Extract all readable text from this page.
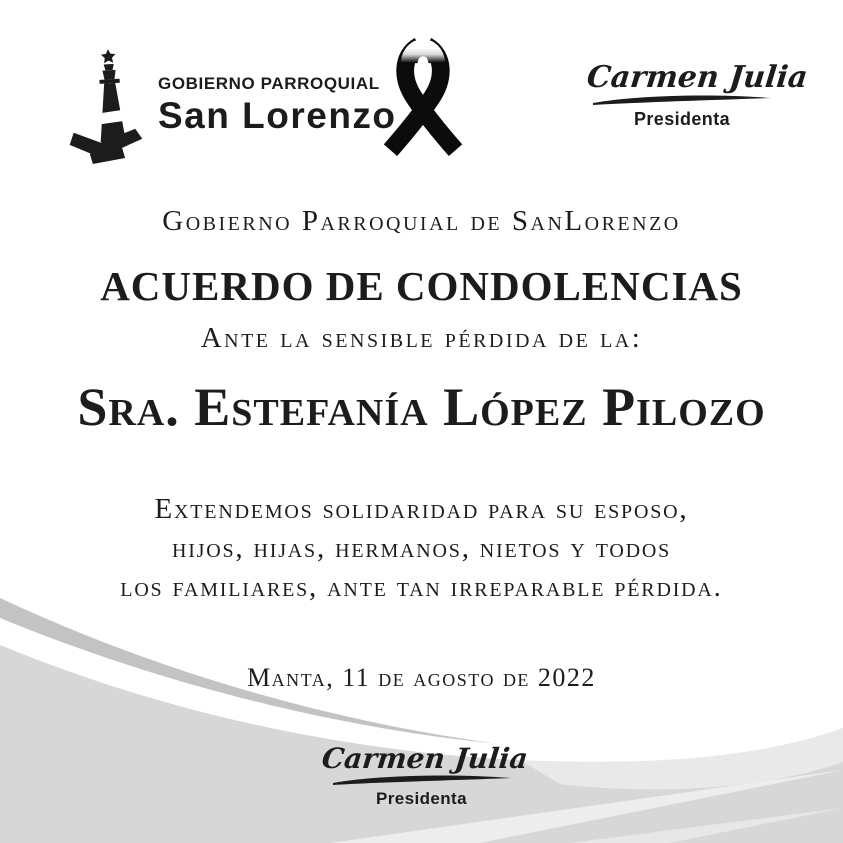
GOBIERNO PARROQUIAL
San Lorenzo
Carmen Julia
Presidenta
Gobierno Parroquial de SanLorenzo
ACUERDO DE CONDOLENCIAS
Ante la sensible pérdida de la:
Sra. Estefanía López Pilozo
Extendemos solidaridad para su esposo,
hijos, hijas, hermanos, nietos y todos
los familiares, ante tan irreparable pérdida.
Manta, 11 de agosto de 2022
Carmen Julia
Presidenta
